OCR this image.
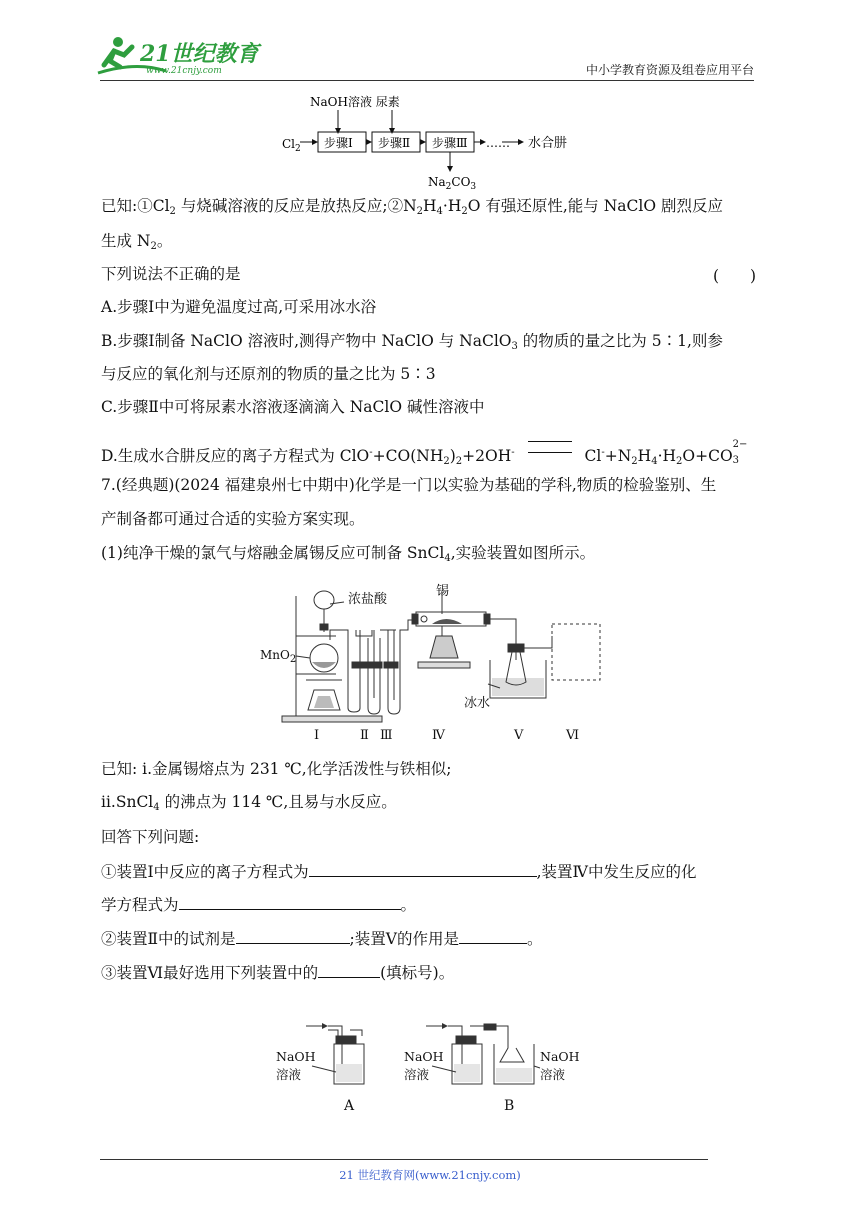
21世纪教育
www.21cnjy.com	中小学教育资源及组卷应用平台
NaOH溶液 尿素
$Cl_2$ 步骤Ⅰ 步骤Ⅱ 步骤Ⅲ …… 水合肼
$Na_2CO_3$
已知$:①Cl_2$ 与烧碱溶液的反应是放热反应$;②N_2H_4\cdot H_2O$ 有强还原性,能与 NaClO 剧烈反应
生成 $N_2$。
下列说法不正确的是	(　　)
A.步骤Ⅰ中为避免温度过高,可采用冰水浴
B.步骤Ⅰ制备 NaClO 溶液时,测得产物中 NaClO 与 NaClO$_3$ 的物质的量之比为 5∶1,则参
与反应的氧化剂与还原剂的物质的量之比为 5∶3
C.步骤Ⅱ中可将尿素水溶液逐滴滴入 NaClO 碱性溶液中
D.生成水合肼反应的离子方程式为 $ClO^-+CO(NH_2)_2+2OH^-$	$Cl^-+N_2H_4\cdot H_2O+CO$
2−
3
7.(经典题)(2024 福建泉州七中期中)化学是一门以实验为基础的学科,物质的检验鉴别、生
产制备都可通过合适的实验方案实现。
(1)纯净干燥的氯气与熔融金属锡反应可制备 SnCl$_4$,实验装置如图所示。
浓盐酸
锡
MnO$_2$
冰水
Ⅰ	Ⅱ Ⅲ	Ⅳ	Ⅴ	Ⅵ
已知: ⅰ.金属锡熔点为 231 ℃,化学活泼性与铁相似;
ⅱ.SnCl$_4$ 的沸点为 114 ℃,且易与水反应。
回答下列问题:
①装置Ⅰ中反应的离子方程式为	,装置Ⅳ中发生反应的化
学方程式为	。
②装置Ⅱ中的试剂是	;装置Ⅴ的作用是	。
③装置Ⅵ最好选用下列装置中的	(填标号)。
NaOH
溶液
NaOH
溶液
NaOH
溶液
A	B
21 世纪教育网(www.21cnjy.com)
